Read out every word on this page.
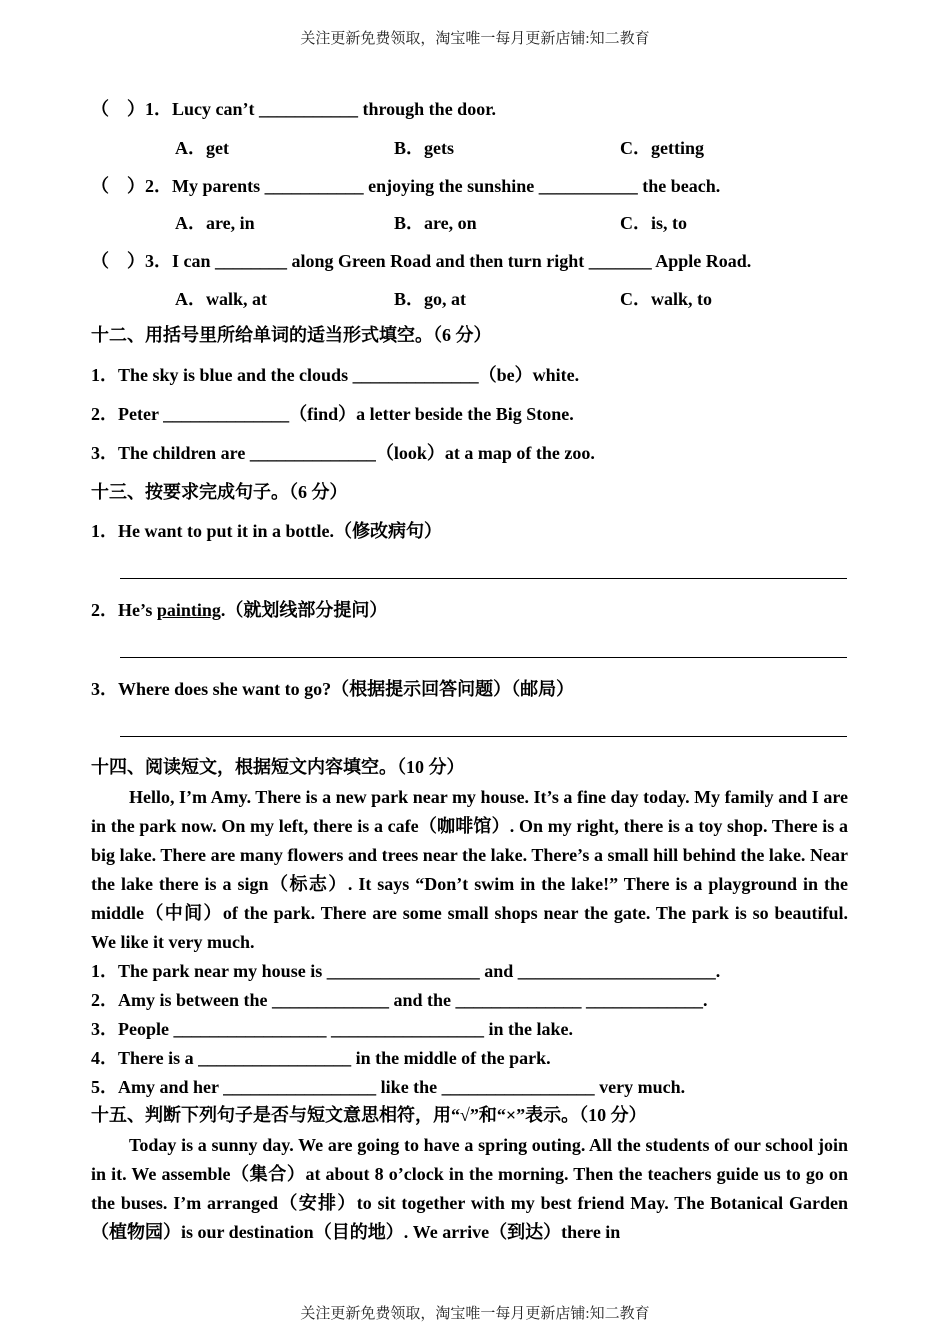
关注更新免费领取，淘宝唯一每月更新店铺:知二教育
（　）1．Lucy can’t ___________ through the door.
A．get	B．gets	C．getting
（　）2．My parents ___________ enjoying the sunshine ___________ the beach.
A．are, in	B．are, on	C．is, to
（　）3．I can ________ along Green Road and then turn right _______ Apple Road.
A．walk, at	B．go, at	C．walk, to
十二、用括号里所给单词的适当形式填空。（6 分）
1．The sky is blue and the clouds ______________（be）white.
2．Peter ______________（find）a letter beside the Big Stone.
3．The children are ______________（look）at a map of the zoo.
十三、按要求完成句子。（6 分）
1．He want to put it in a bottle.（修改病句）
2．He’s painting.（就划线部分提问）
3．Where does she want to go?（根据提示回答问题）（邮局）
十四、阅读短文，根据短文内容填空。（10 分）
Hello, I’m Amy. There is a new park near my house. It’s a fine day today. My family and I are in the park now. On my left, there is a cafe（咖啡馆）. On my right, there is a toy shop. There is a big lake. There are many flowers and trees near the lake. There’s a small hill behind the lake. Near the lake there is a sign（标志）. It says “Don’t swim in the lake!” There is a playground in the middle（中间）of the park. There are some small shops near the gate. The park is so beautiful. We like it very much.
1．The park near my house is _________________ and ______________________.
2．Amy is between the _____________ and the ______________ _____________.
3．People _________________ _________________ in the lake.
4．There is a _________________ in the middle of the park.
5．Amy and her _________________ like the _________________ very much.
十五、判断下列句子是否与短文意思相符，用“√”和“×”表示。（10 分）
Today is a sunny day. We are going to have a spring outing. All the students of our school join in it. We assemble（集合）at about 8 o’clock in the morning. Then the teachers guide us to go on the buses. I’m arranged（安排）to sit together with my best friend May. The Botanical Garden（植物园）is our destination（目的地）. We arrive（到达）there in
关注更新免费领取，淘宝唯一每月更新店铺:知二教育
